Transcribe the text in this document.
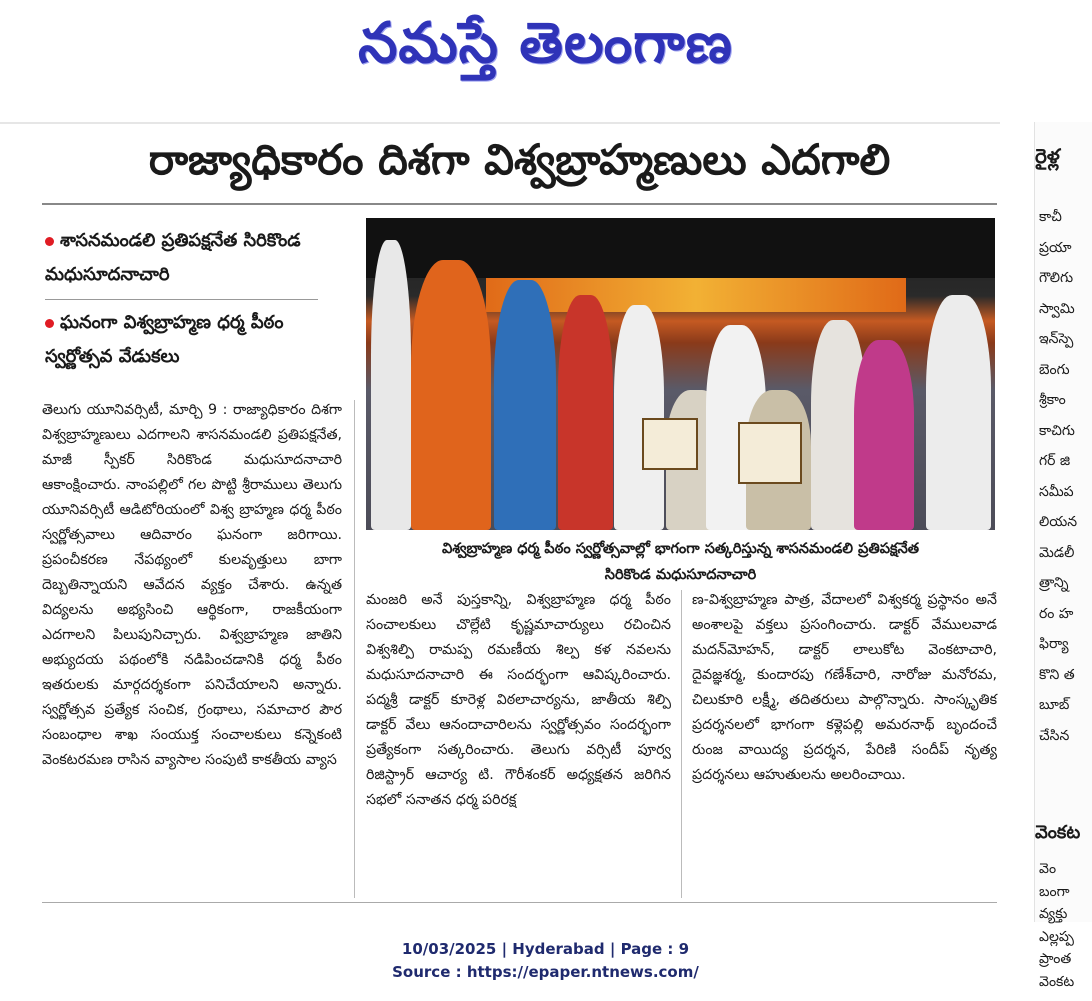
నమస్తే తెలంగాణ
రాజ్యాధికారం దిశగా విశ్వబ్రాహ్మణులు ఎదగాలి
శాసనమండలి ప్రతిపక్షనేత సిరికొండ మధుసూదనాచారి
ఘనంగా విశ్వబ్రాహ్మణ ధర్మ పీఠం స్వర్ణోత్సవ వేడుకలు
విశ్వబ్రాహ్మణ ధర్మ పీఠం స్వర్ణోత్సవాల్లో భాగంగా సత్కరిస్తున్న శాసనమండలి ప్రతిపక్షనేత
సిరికొండ మధుసూదనాచారి
తెలుగు యూనివర్సిటీ, మార్చి 9 : రాజ్యాధికారం దిశగా విశ్వబ్రాహ్మణులు ఎదగాలని శాసనమండలి ప్రతిపక్షనేత, మాజీ స్పీకర్ సిరికొండ మధుసూదనాచారి ఆకాంక్షించారు. నాంపల్లిలో గల పొట్టి శ్రీరాములు తెలుగు యూనివర్సిటీ ఆడిటోరియంలో విశ్వ బ్రాహ్మణ ధర్మ పీఠం స్వర్ణోత్సవాలు ఆదివారం ఘనంగా జరిగాయి. ప్రపంచీకరణ నేపథ్యంలో కులవృత్తులు బాగా దెబ్బతిన్నాయని ఆవేదన వ్యక్తం చేశారు. ఉన్నత విద్యలను అభ్యసించి ఆర్థికంగా, రాజకీయంగా ఎదగాలని పిలుపునిచ్చారు. విశ్వబ్రాహ్మణ జాతిని అభ్యుదయ పథంలోకి నడిపించడానికి ధర్మ పీఠం ఇతరులకు మార్గదర్శకంగా పనిచేయాలని అన్నారు. స్వర్ణోత్సవ ప్రత్యేక సంచిక, గ్రంథాలు, సమాచార పౌర సంబంధాల శాఖ సంయుక్త సంచాలకులు కన్నెకంటి వెంకటరమణ రాసిన వ్యాసాల సంపుటి కాకతీయ వ్యాస
మంజరి అనే పుస్తకాన్ని, విశ్వబ్రాహ్మణ ధర్మ పీఠం సంచాలకులు చొల్లేటి కృష్ణమాచార్యులు రచించిన విశ్వశిల్పి రామప్ప రమణీయ శిల్ప కళ నవలను మధుసూదనాచారి ఈ సందర్భంగా ఆవిష్కరించారు. పద్మశ్రీ డాక్టర్ కూరెళ్ల విఠలాచార్యను, జాతీయ శిల్పి డాక్టర్ వేలు ఆనందాచారిలను స్వర్ణోత్సవం సందర్భంగా ప్రత్యేకంగా సత్కరించారు. తెలుగు వర్సిటీ పూర్వ రిజిస్ట్రార్ ఆచార్య టి. గౌరీశంకర్ అధ్యక్షతన జరిగిన సభలో సనాతన ధర్మ పరిరక్ష
ణ-విశ్వబ్రాహ్మణ పాత్ర, వేదాలలో విశ్వకర్మ ప్రస్థానం అనే అంశాలపై వక్తలు ప్రసంగించారు. డాక్టర్ వేములవాడ మదన్‌మోహన్, డాక్టర్ లాలుకోట వెంకటాచారి, దైవజ్ఞశర్మ, కుందారపు గణేశ్‌చారి, నారోజు మనోరమ, చిలుకూరి లక్ష్మీ, తదితరులు పాల్గొన్నారు. సాంస్కృతిక ప్రదర్శనలలో భాగంగా కళ్లెపల్లి అమరనాథ్ బృందంచే రుంజ వాయిద్య ప్రదర్శన, పేరిణి సందీప్ నృత్య ప్రదర్శనలు ఆహుతులను అలరించాయి.
రైళ్ల
కాచీ
ప్రయా
గౌలిగు
స్వామి
ఇన్‌స్పె
బెంగు
శ్రీకాం
కాచిగు
గర్ జి
సమీప
లియన
మెడలీ
త్రాన్ని
రం హ
ఫిర్యా
కొని త
బూబ్
చేసిన
వెంకట
వెం
బంగా
వ్యక్తు
ఎల్లప్ప
ప్రాంత
వెంకట
10/03/2025 | Hyderabad | Page : 9
Source : https://epaper.ntnews.com/
